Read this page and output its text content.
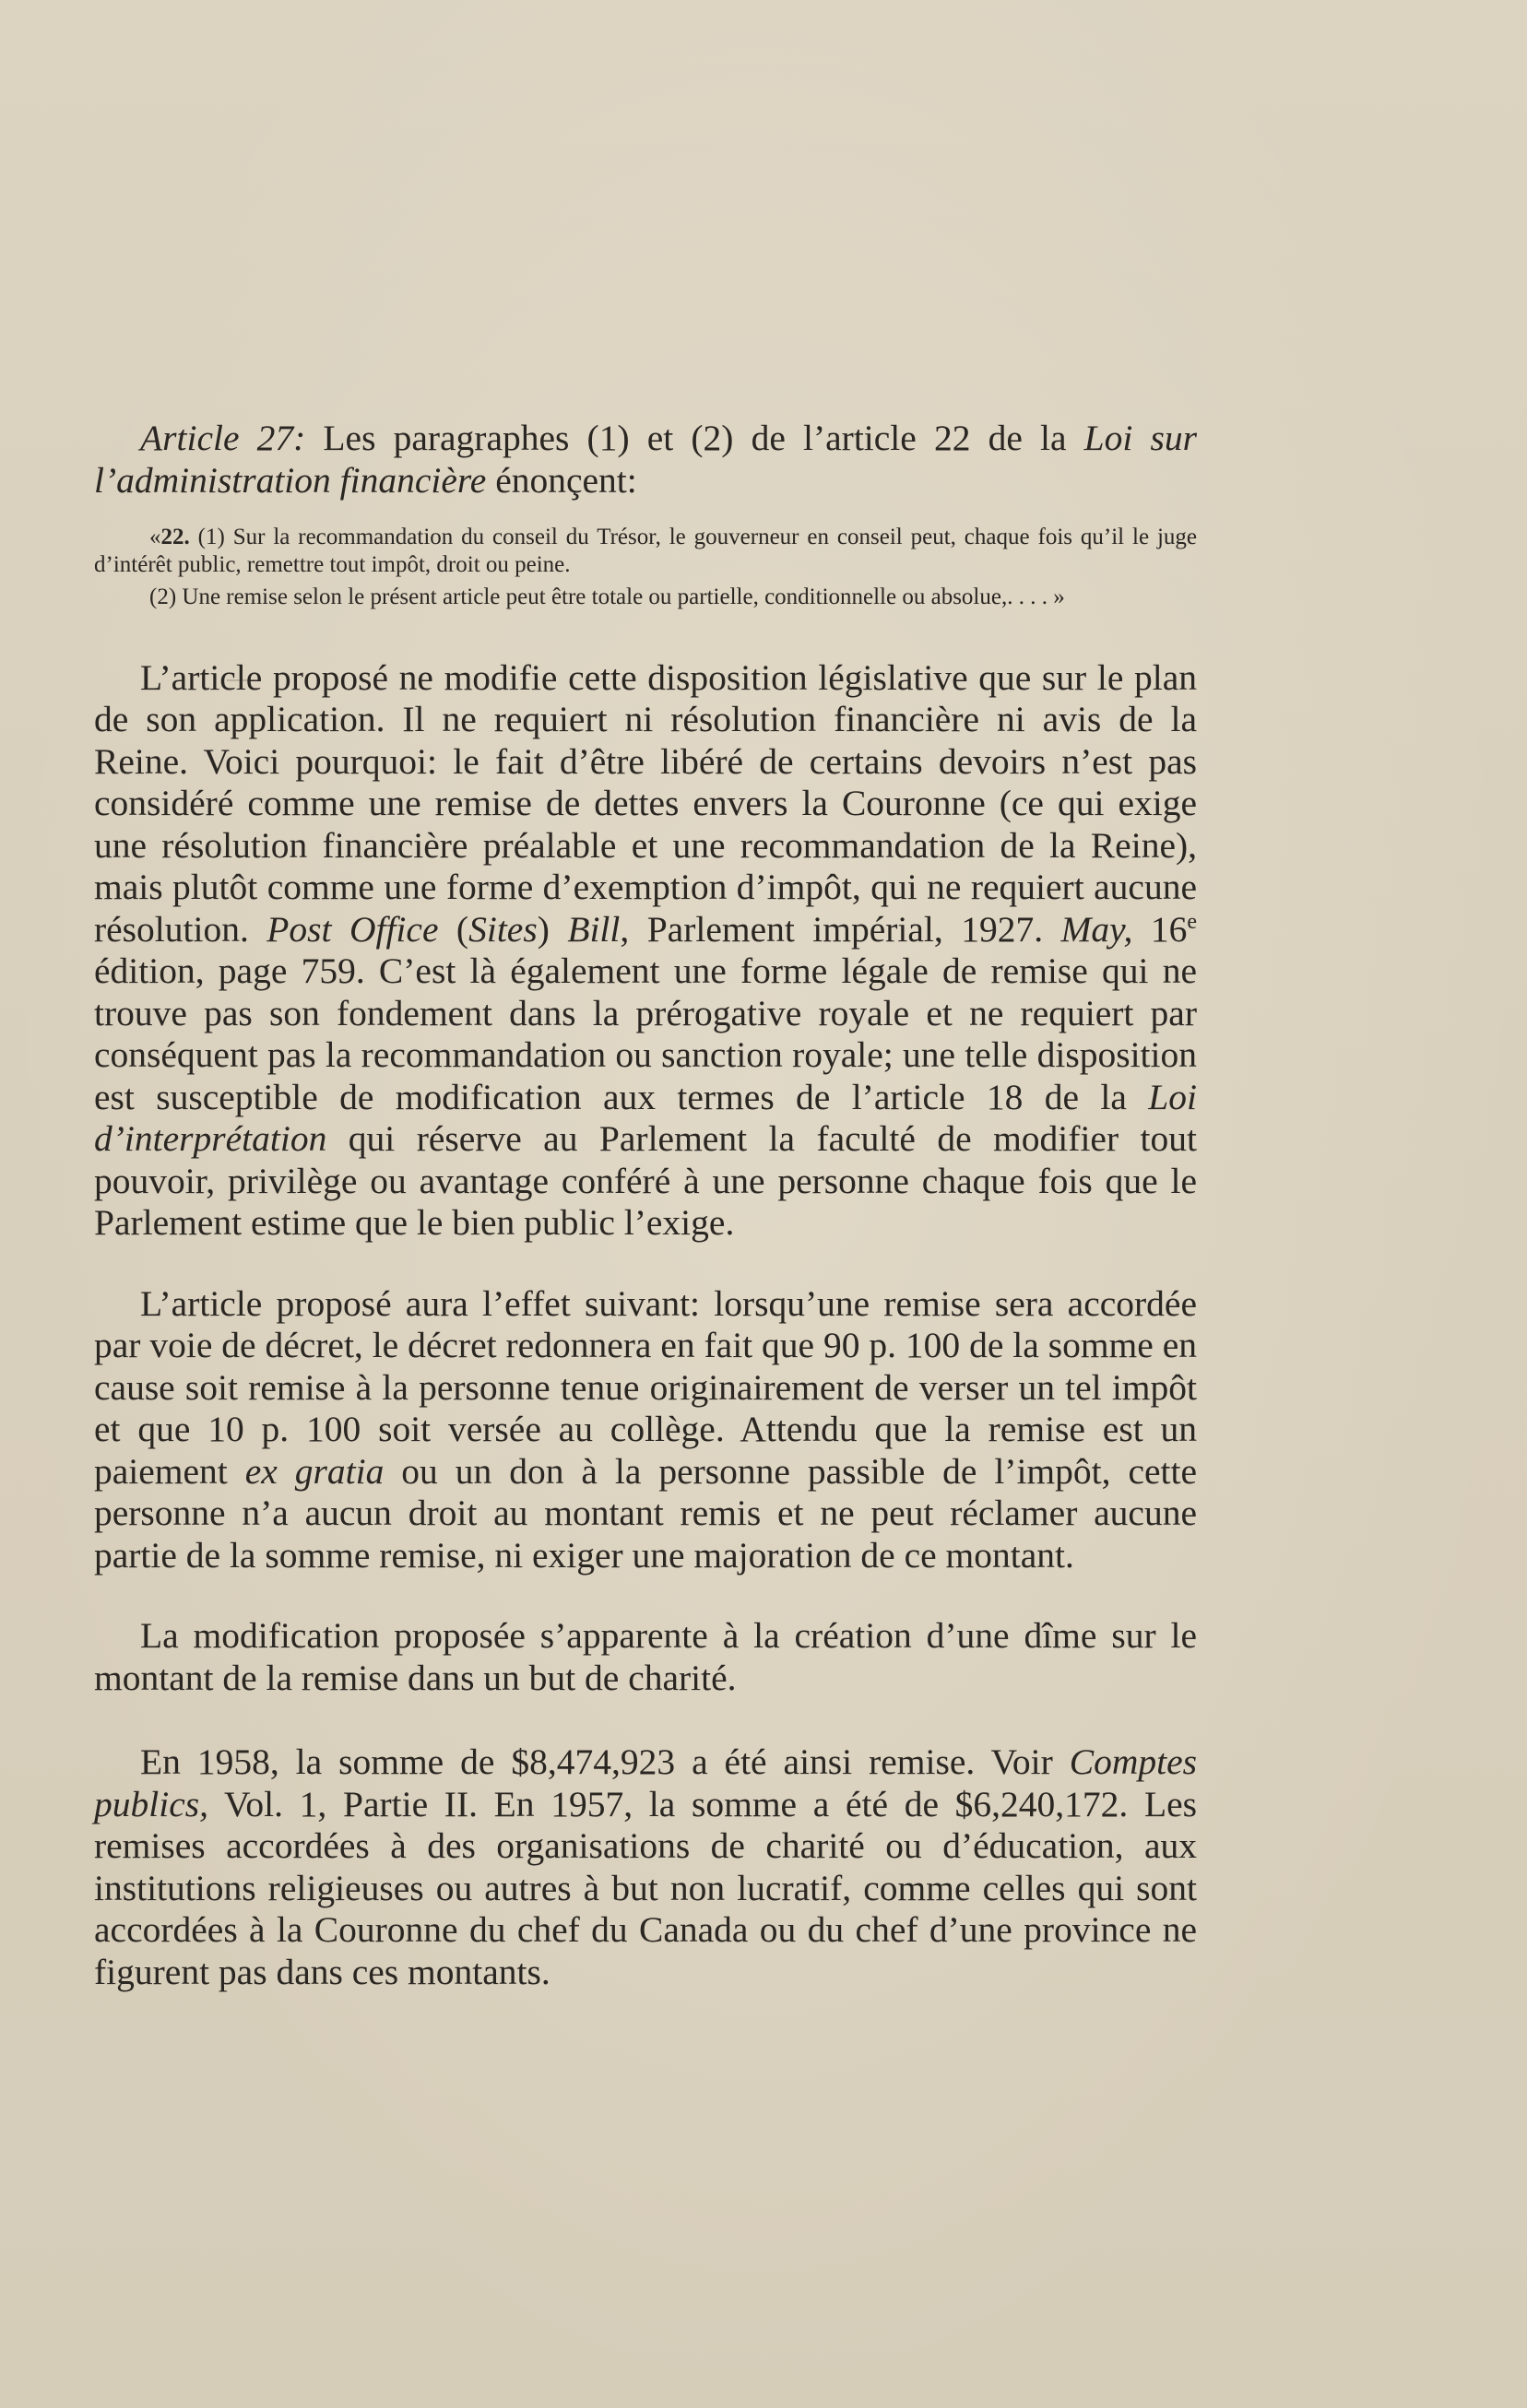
Article 27: Les paragraphes (1) et (2) de l’article 22 de la Loi sur l’administration financière énonçent:

«22. (1) Sur la recommandation du conseil du Trésor, le gouverneur en conseil peut, chaque fois qu’il le juge d’intérêt public, remettre tout impôt, droit ou peine.

(2) Une remise selon le présent article peut être totale ou partielle, conditionnelle ou absolue,. . . . »

L’article proposé ne modifie cette disposition législative que sur le plan de son application. Il ne requiert ni résolution financière ni avis de la Reine. Voici pourquoi: le fait d’être libéré de certains devoirs n’est pas considéré comme une remise de dettes envers la Couronne (ce qui exige une résolution financière préalable et une recommandation de la Reine), mais plutôt comme une forme d’exemption d’impôt, qui ne requiert aucune résolution. Post Office (Sites) Bill, Parlement impérial, 1927. May, 16e édition, page 759. C’est là également une forme légale de remise qui ne trouve pas son fondement dans la prérogative royale et ne requiert par conséquent pas la recommandation ou sanction royale; une telle disposition est susceptible de modification aux termes de l’article 18 de la Loi d’interprétation qui réserve au Parlement la faculté de modifier tout pouvoir, privilège ou avantage conféré à une personne chaque fois que le Parlement estime que le bien public l’exige.

L’article proposé aura l’effet suivant: lorsqu’une remise sera accordée par voie de décret, le décret redonnera en fait que 90 p. 100 de la somme en cause soit remise à la personne tenue originairement de verser un tel impôt et que 10 p. 100 soit versée au collège. Attendu que la remise est un paiement ex gratia ou un don à la personne passible de l’impôt, cette personne n’a aucun droit au montant remis et ne peut réclamer aucune partie de la somme remise, ni exiger une majoration de ce montant.

La modification proposée s’apparente à la création d’une dîme sur le montant de la remise dans un but de charité.

En 1958, la somme de $8,474,923 a été ainsi remise. Voir Comptes publics, Vol. 1, Partie II. En 1957, la somme a été de $6,240,172. Les remises accordées à des organisations de charité ou d’éducation, aux institutions religieuses ou autres à but non lucratif, comme celles qui sont accordées à la Couronne du chef du Canada ou du chef d’une province ne figurent pas dans ces montants.
